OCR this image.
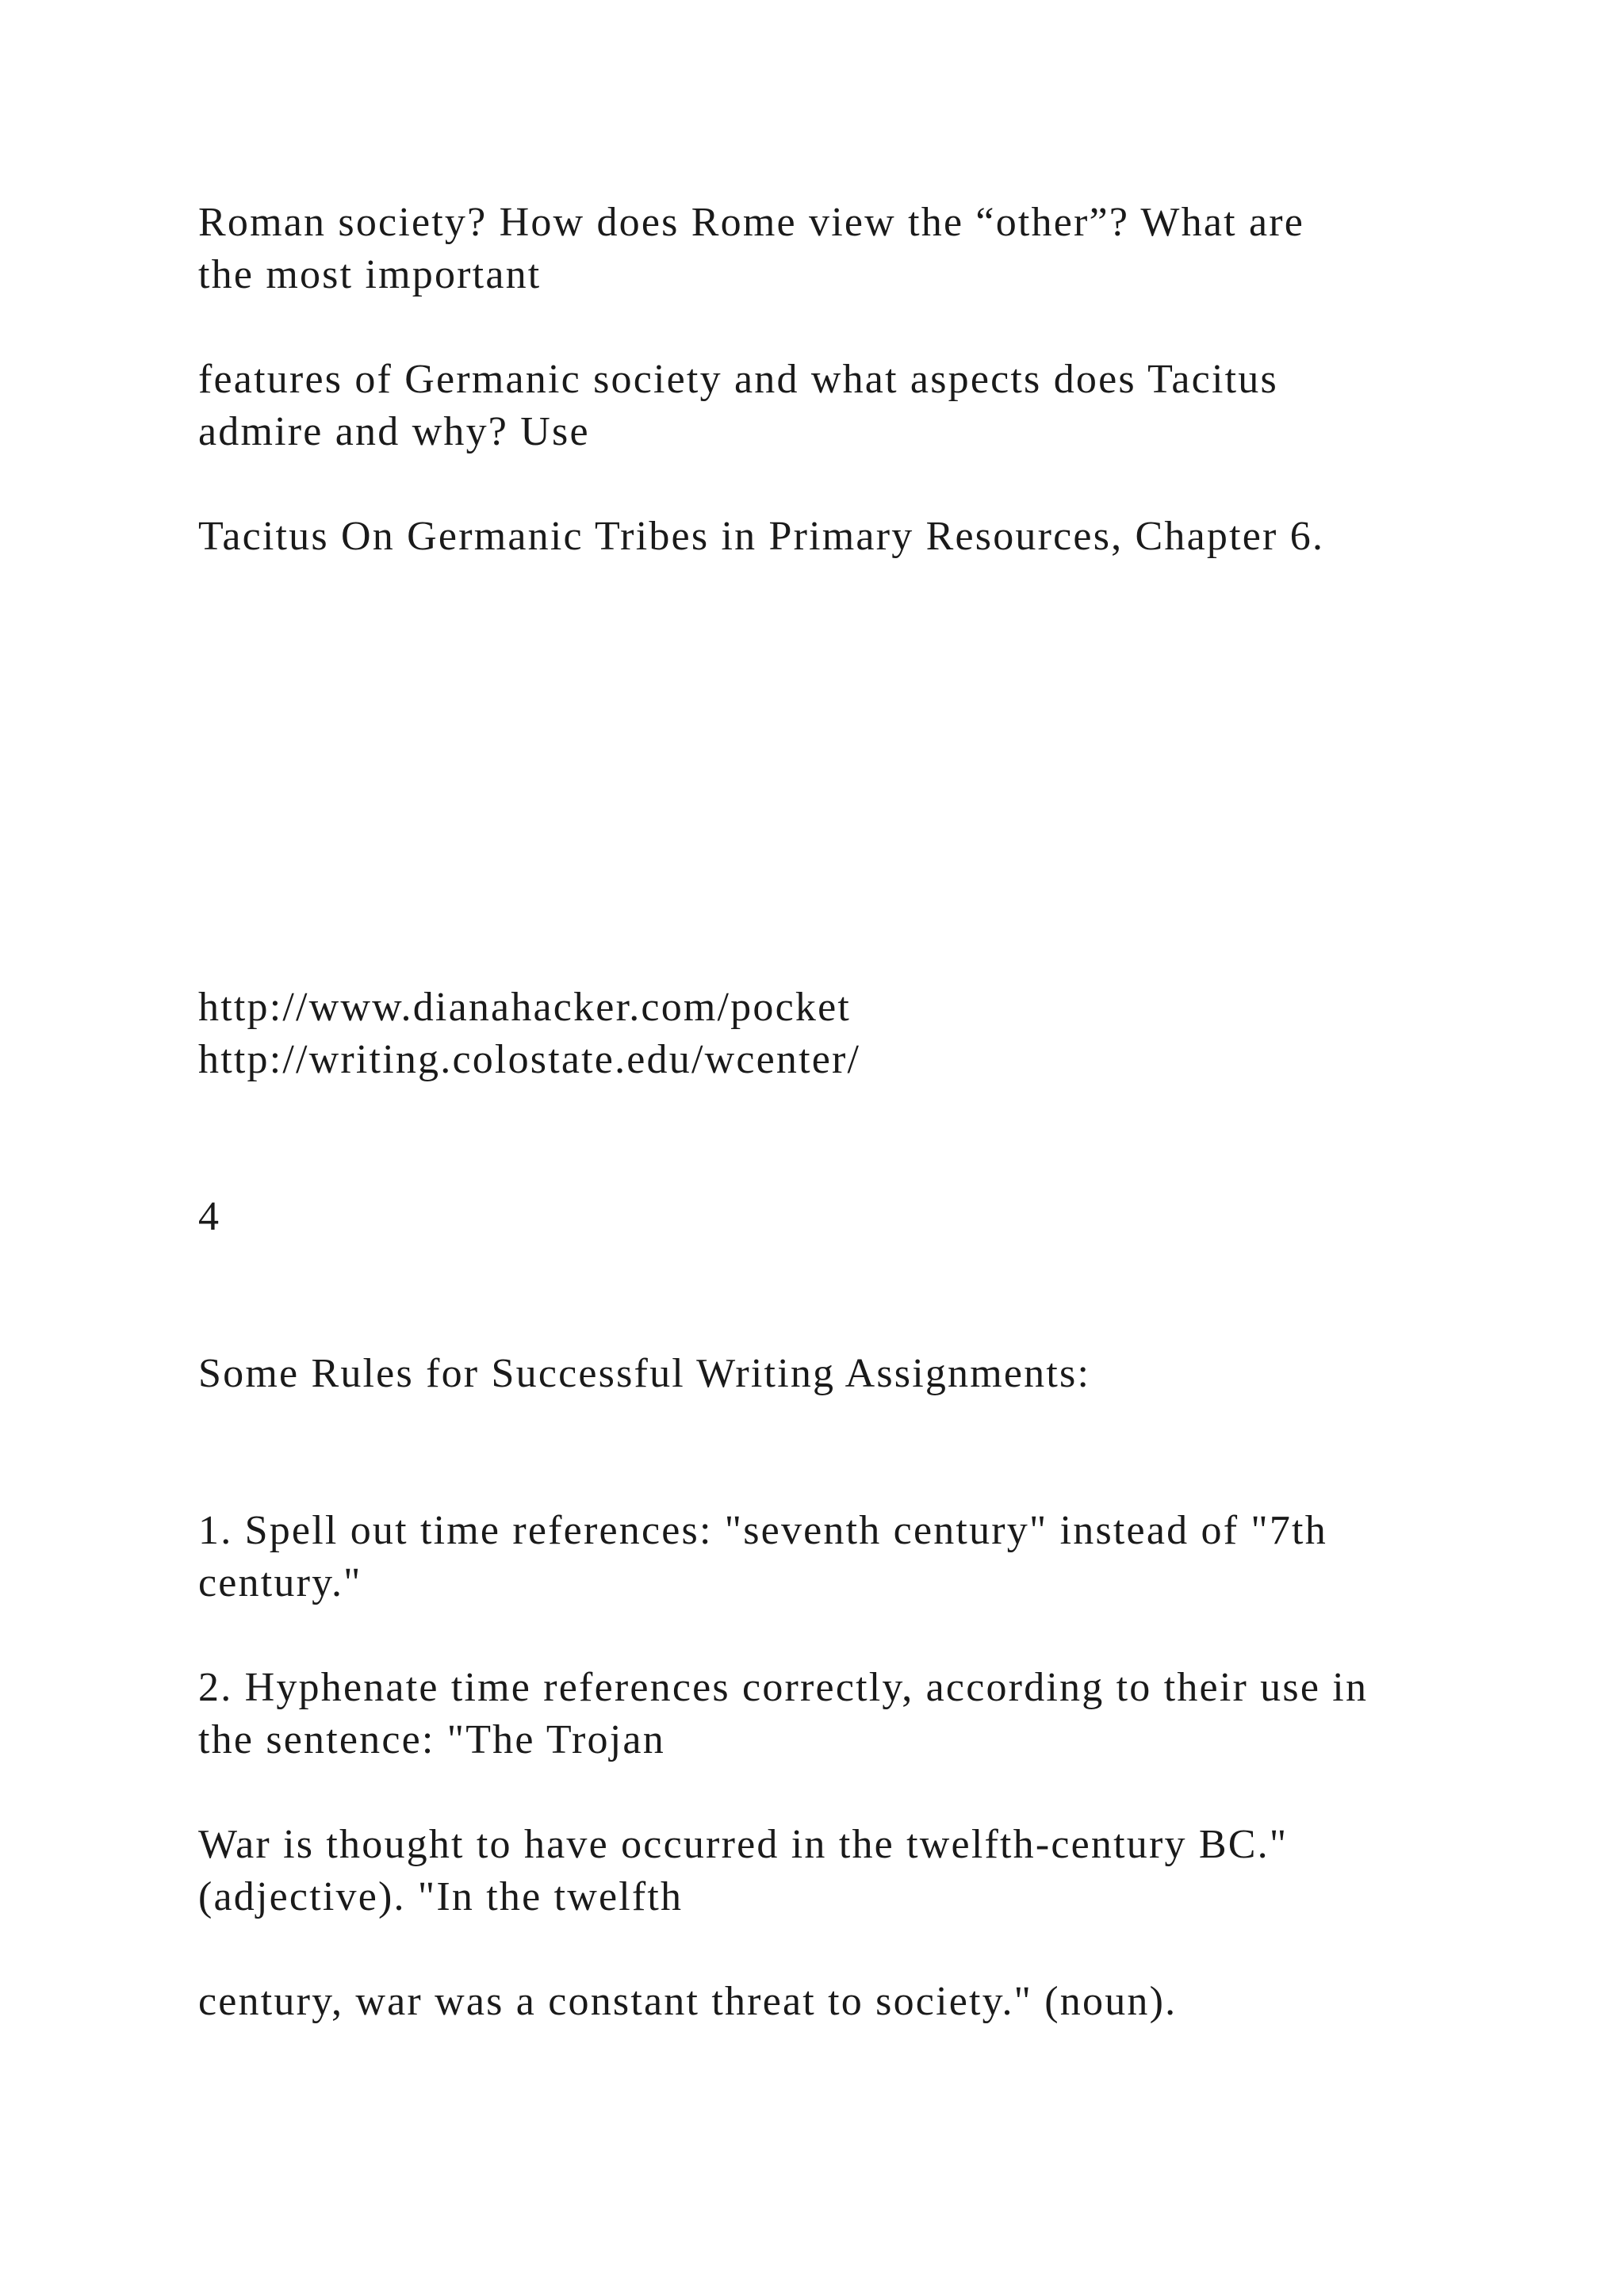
Roman society? How does Rome view the “other”? What are

the most important

features of Germanic society and what aspects does Tacitus

admire and why? Use

Tacitus On Germanic Tribes in Primary Resources, Chapter 6.

http://www.dianahacker.com/pocket

http://writing.colostate.edu/wcenter/

4

Some Rules for Successful Writing Assignments:

1. Spell out time references: "seventh century" instead of "7th

century."

2. Hyphenate time references correctly, according to their use in

the sentence: "The Trojan

War is thought to have occurred in the twelfth-century BC."

(adjective). "In the twelfth

century, war was a constant threat to society." (noun).
